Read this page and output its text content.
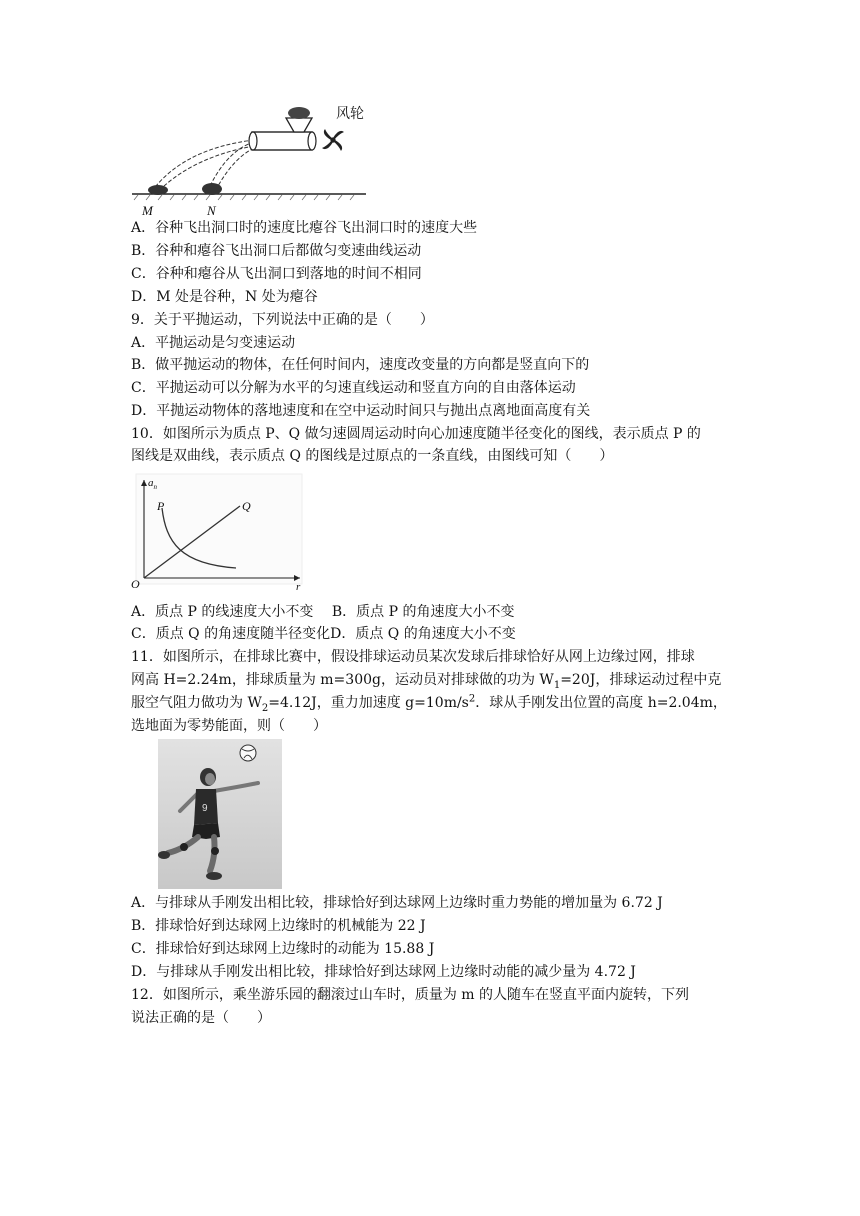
风轮
M	N
A．谷种飞出洞口时的速度比瘪谷飞出洞口时的速度大些
B．谷种和瘪谷飞出洞口后都做匀变速曲线运动
C．谷种和瘪谷从飞出洞口到落地的时间不相同
D．M 处是谷种，N 处为瘪谷
9．关于平抛运动，下列说法中正确的是（　　）
A．平抛运动是匀变速运动
B．做平抛运动的物体，在任何时间内，速度改变量的方向都是竖直向下的
C．平抛运动可以分解为水平的匀速直线运动和竖直方向的自由落体运动
D．平抛运动物体的落地速度和在空中运动时间只与抛出点离地面高度有关
10．如图所示为质点 P、Q 做匀速圆周运动时向心加速度随半径变化的图线，表示质点 P 的
图线是双曲线，表示质点 Q 的图线是过原点的一条直线，由图线可知（　　）
$a_n$
P	Q
O	r
A．质点 P 的线速度大小不变　 B．质点 P 的角速度大小不变
C．质点 Q 的角速度随半径变化D．质点 Q 的角速度大小不变
11．如图所示，在排球比赛中，假设排球运动员某次发球后排球恰好从网上边缘过网，排球
网高 H=2.24m，排球质量为 m=300g，运动员对排球做的功为 $W_1=20J$，排球运动过程中克
服空气阻力做功为 $W_2=4.12J$，重力加速度 $g=10m/s^2$．球从手刚发出位置的高度 h=2.04m，
选地面为零势能面，则（　　）
9
A．与排球从手刚发出相比较，排球恰好到达球网上边缘时重力势能的增加量为 6.72 J
B．排球恰好到达球网上边缘时的机械能为 22 J
C．排球恰好到达球网上边缘时的动能为 15.88 J
D．与排球从手刚发出相比较，排球恰好到达球网上边缘时动能的减少量为 4.72 J
12．如图所示，乘坐游乐园的翻滚过山车时，质量为 m 的人随车在竖直平面内旋转，下列
说法正确的是（　　）
